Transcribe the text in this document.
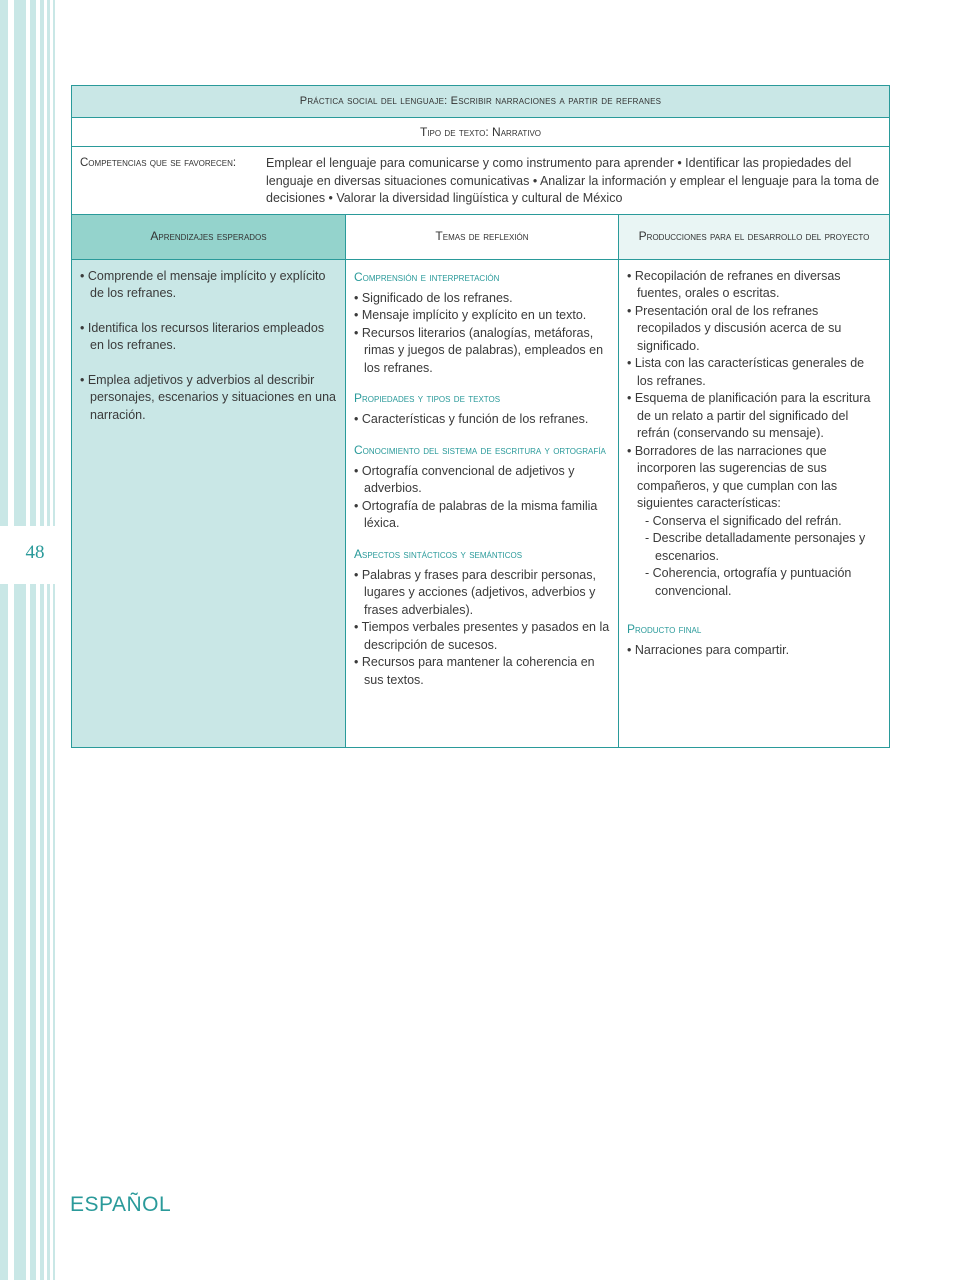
48
Práctica social del lenguaje: Escribir narraciones a partir de refranes
Tipo de texto: Narrativo
Competencias que se favorecen:	Emplear el lenguaje para comunicarse y como instrumento para aprender • Identificar las propiedades del lenguaje en diversas situaciones comunicativas • Analizar la información y emplear el lenguaje para la toma de decisiones • Valorar la diversidad lingüística y cultural de México
Aprendizajes esperados
• Comprende el mensaje implícito y explícito de los refranes.
• Identifica los recursos literarios empleados en los refranes.
• Emplea adjetivos y adverbios al describir personajes, escenarios y situaciones en una narración.
Temas de reflexión
Comprensión e interpretación
• Significado de los refranes.
• Mensaje implícito y explícito en un texto.
• Recursos literarios (analogías, metáforas, rimas y juegos de palabras), empleados en los refranes.
Propiedades y tipos de textos
• Características y función de los refranes.
Conocimiento del sistema de escritura y ortografía
• Ortografía convencional de adjetivos y adverbios.
• Ortografía de palabras de la misma familia léxica.
Aspectos sintácticos y semánticos
• Palabras y frases para describir personas, lugares y acciones (adjetivos, adverbios y frases adverbiales).
• Tiempos verbales presentes y pasados en la descripción de sucesos.
• Recursos para mantener la coherencia en sus textos.
Producciones para el desarrollo del proyecto
• Recopilación de refranes en diversas fuentes, orales o escritas.
• Presentación oral de los refranes recopilados y discusión acerca de su significado.
• Lista con las características generales de los refranes.
• Esquema de planificación para la escritura de un relato a partir del significado del refrán (conservando su mensaje).
• Borradores de las narraciones que incorporen las sugerencias de sus compañeros, y que cumplan con las siguientes características:
- Conserva el significado del refrán.
- Describe detalladamente personajes y escenarios.
- Coherencia, ortografía y puntuación convencional.
Producto final
• Narraciones para compartir.
ESPAÑOL
